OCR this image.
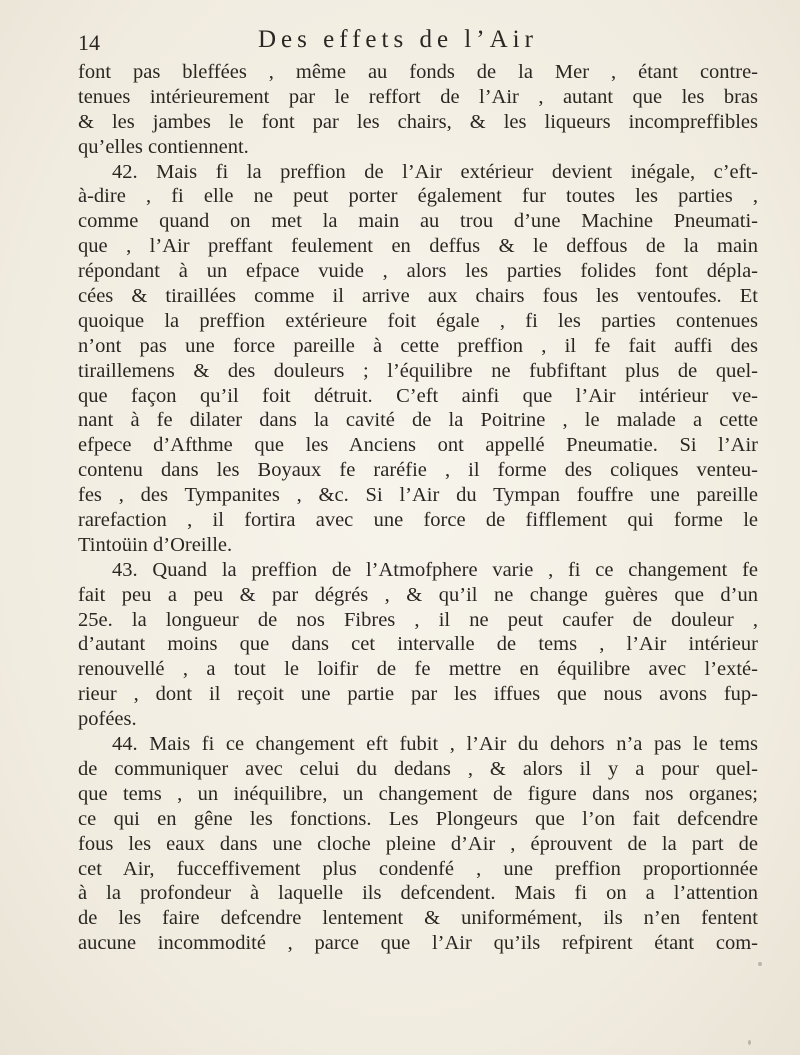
14	Des effets de l’Air
font pas bleffées , même au fonds de la Mer , étant contre-
tenues intérieurement par le reffort de l’Air , autant que les bras
& les jambes le font par les chairs, & les liqueurs incompreffibles
qu’elles contiennent.
42. Mais fi la preffion de l’Air extérieur devient inégale, c’eft-
à-dire , fi elle ne peut porter également fur toutes les parties ,
comme quand on met la main au trou d’une Machine Pneumati-
que , l’Air preffant feulement en deffus & le deffous de la main
répondant à un efpace vuide , alors les parties folides font dépla-
cées & tiraillées comme il arrive aux chairs fous les ventoufes. Et
quoique la preffion extérieure foit égale , fi les parties contenues
n’ont pas une force pareille à cette preffion , il fe fait auffi des
tiraillemens & des douleurs ; l’équilibre ne fubfiftant plus de quel-
que façon qu’il foit détruit. C’eft ainfi que l’Air intérieur ve-
nant à fe dilater dans la cavité de la Poitrine , le malade a cette
efpece d’Afthme que les Anciens ont appellé Pneumatie. Si l’Air
contenu dans les Boyaux fe raréfie , il forme des coliques venteu-
fes , des Tympanites , &c. Si l’Air du Tympan fouffre une pareille
rarefaction , il fortira avec une force de fifflement qui forme le
Tintoüin d’Oreille.
43. Quand la preffion de l’Atmofphere varie , fi ce changement fe
fait peu a peu & par dégrés , & qu’il ne change guères que d’un
25e. la longueur de nos Fibres , il ne peut caufer de douleur ,
d’autant moins que dans cet intervalle de tems , l’Air intérieur
renouvellé , a tout le loifir de fe mettre en équilibre avec l’exté-
rieur , dont il reçoit une partie par les iffues que nous avons fup-
pofées.
44. Mais fi ce changement eft fubit , l’Air du dehors n’a pas le tems
de communiquer avec celui du dedans , & alors il y a pour quel-
que tems , un inéquilibre, un changement de figure dans nos organes;
ce qui en gêne les fonctions. Les Plongeurs que l’on fait defcendre
fous les eaux dans une cloche pleine d’Air , éprouvent de la part de
cet Air, fucceffivement plus condenfé , une preffion proportionnée
à la profondeur à laquelle ils defcendent. Mais fi on a l’attention
de les faire defcendre lentement & uniformément, ils n’en fentent
aucune incommodité , parce que l’Air qu’ils refpirent étant com-
